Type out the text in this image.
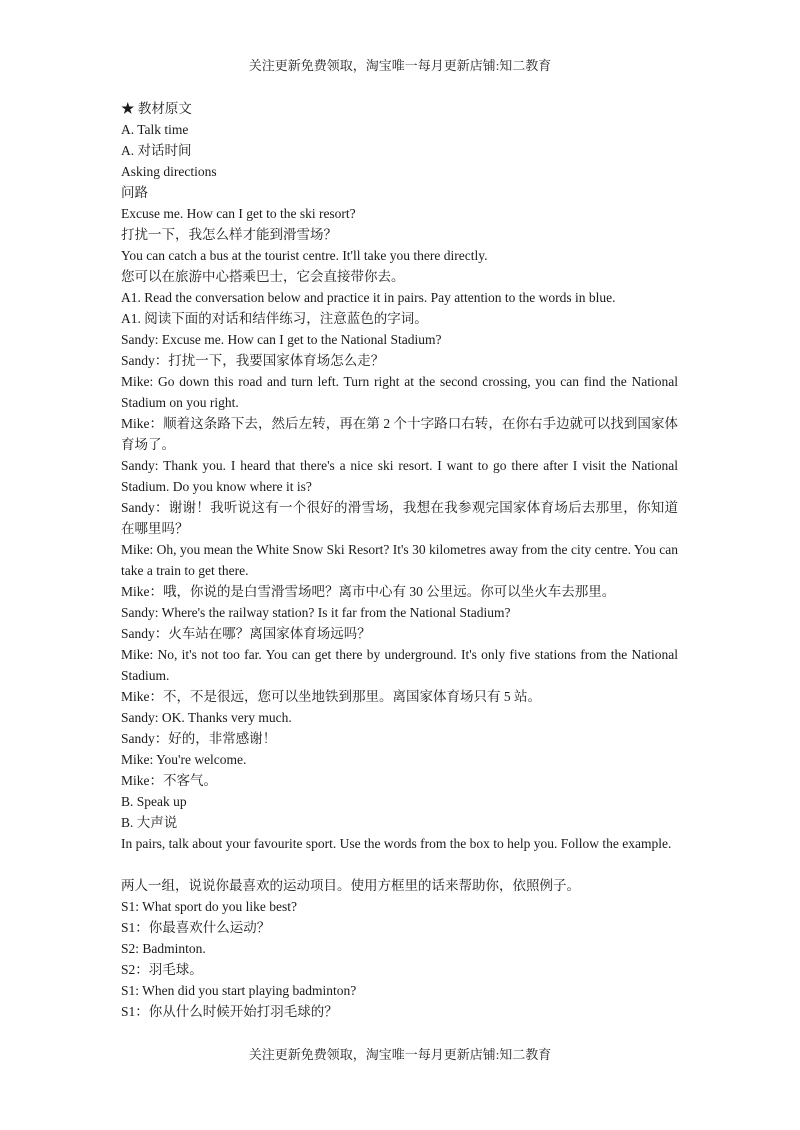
关注更新免费领取，淘宝唯一每月更新店铺:知二教育
★ 教材原文
A. Talk time
A. 对话时间
Asking directions
问路
Excuse me. How can I get to the ski resort?
打扰一下，我怎么样才能到滑雪场？
You can catch a bus at the tourist centre. It'll take you there directly.
您可以在旅游中心搭乘巴士，它会直接带你去。
A1. Read the conversation below and practice it in pairs. Pay attention to the words in blue.
A1. 阅读下面的对话和结伴练习，注意蓝色的字词。
Sandy: Excuse me. How can I get to the National Stadium?
Sandy：打扰一下，我要国家体育场怎么走？
Mike: Go down this road and turn left. Turn right at the second crossing, you can find the National Stadium on you right.
Mike：顺着这条路下去，然后左转，再在第 2 个十字路口右转，在你右手边就可以找到国家体育场了。
Sandy: Thank you. I heard that there's a nice ski resort. I want to go there after I visit the National Stadium. Do you know where it is?
Sandy：谢谢！我听说这有一个很好的滑雪场，我想在我参观完国家体育场后去那里，你知道在哪里吗？
Mike: Oh, you mean the White Snow Ski Resort? It's 30 kilometres away from the city centre. You can take a train to get there.
Mike：哦，你说的是白雪滑雪场吧？离市中心有 30 公里远。你可以坐火车去那里。
Sandy: Where's the railway station? Is it far from the National Stadium?
Sandy：火车站在哪？离国家体育场远吗？
Mike: No, it's not too far. You can get there by underground. It's only five stations from the National Stadium.
Mike：不，不是很远，您可以坐地铁到那里。离国家体育场只有 5 站。
Sandy: OK. Thanks very much.
Sandy：好的，非常感谢！
Mike: You're welcome.
Mike：不客气。
B. Speak up
B. 大声说
In pairs, talk about your favourite sport. Use the words from the box to help you. Follow the example.
两人一组，说说你最喜欢的运动项目。使用方框里的话来帮助你，依照例子。
S1: What sport do you like best?
S1：你最喜欢什么运动？
S2: Badminton.
S2：羽毛球。
S1: When did you start playing badminton?
S1：你从什么时候开始打羽毛球的？
关注更新免费领取，淘宝唯一每月更新店铺:知二教育
